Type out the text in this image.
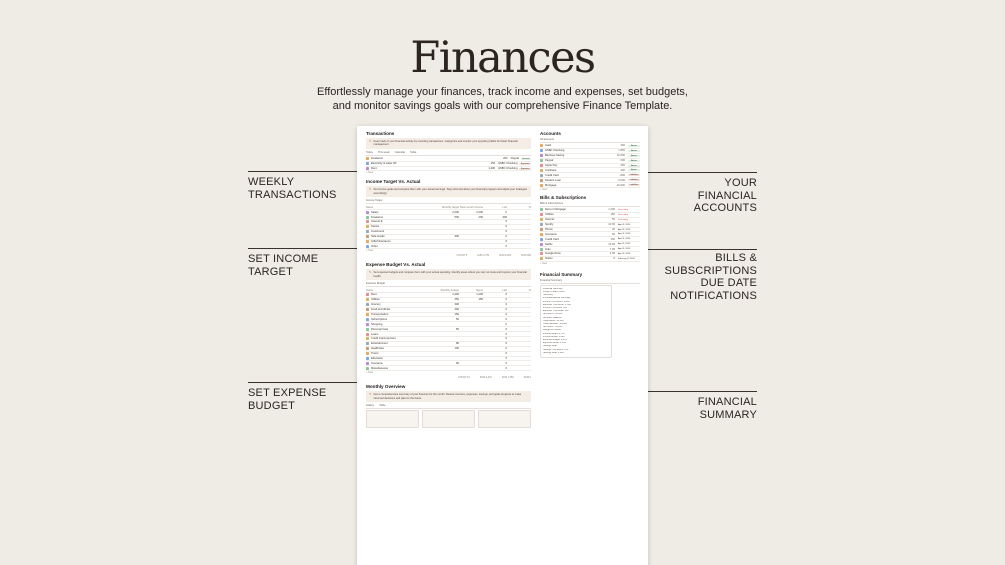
Finances
Effortlessly manage your finances, track income and expenses, set budgets,
and monitor savings goals with our comprehensive Finance Template.
WEEKLY
TRANSACTIONS
SET INCOME
TARGET
SET EXPENSE
BUDGET
YOUR
FINANCIAL
ACCOUNTS
BILLS &
SUBSCRIPTIONS
DUE DATE
NOTIFICATIONS
FINANCIAL
SUMMARY
Transactions
✎ Keep track of your financial activity by recording transactions. Categorize and monitor your spending habits for better financial management.
Today This week Calendar Table
Freelance	200 Paypal	Income
Electricity & water bill	150 HSBC Checking	Expense
Rent	1,200 HSBC Checking	Expense
+ New
Income Target Vs. Actual
✎ Set income goals and compare them with your actual earnings. Stay informed about your financial progress and adjust your strategies accordingly.
Income Target
Name	Monthly target Total month income	Left	%
Salary	2,000	2,000	0
Freelance	500	200	300
Interest $	0
Stocks	0
Investment	0
Side Hustle	300	0
Gifts/Inheritance	0
Other	0
+ New
COUNT 8	SUM 2,750	SUM 2,200	SUM 300
Expense Budget Vs. Actual
✎ Set expense budgets and compare them with your actual spending. Identify areas where you can cut costs and improve your financial health.
Expense Budget
Name	Monthly budget	Spent	Left	%
Rent	1,200	1,200	0
Utilities	250	150	0
Grocery	300	0
Food and drinks	200	0
Transportation	150	0
Subscriptions	50	0
Shopping	0
Personal Care	50	0
Loans	0
Credit Card payment	0
Entertainment	80	0
Healthcare	100	0
Travel	0
Education	0
Insurance	90	0
Miscellaneous	0
+ New
COUNT 16	SUM 2,470	SUM 1,350	SUM 0
Monthly Overview
✎ Get a comprehensive summary of your finances for the month. Review incomes, expenses, savings, and goals progress to make informed decisions and plan for the future.
Gallery Table
Accounts
All accounts
Cash	300	Active
HSBC Checking	1,850	Active
Barclays Saving	10,000	Active
Paypal	600	Active
Apple Pay	350	Active
Coinbase	400	Active
Credit Card	-800	Liabilities
Student Loan	-5,000	Liabilities
Mortgage	-20,000	Liabilities
+ New
Bills & Subscriptions
Bills & subscriptions
Rent or Mortgage	1,200 Due today
Utilities	150 Due today
Internet	50 Due today
Spotify	10.99 April 5, 2024
Phone	40 April 5, 2024
Insurance	90 April 5, 2024
Credit Card	150 April 5, 2024
Netflix	15.99 April 5, 2024
Hulu	7.99 April 5, 2024
Google Drive	2.99 April 5, 2024
Notion	8 February 8, 2024
+ New
Financial Summary
Financial Summary
Financial Summary
Friday, 8 March 2024
Summary
Income/Expense Summary
Income This Month: 2,200
Expense This Month: 1,350
Income This Week: 200
Expense This Week: 150
Net Worth: -12,300
Accounts Balance
Total Assets: 13,500
Total Liabilities: -25,800
Net Worth: -12,300
Budget vs. Actual
Income Target: 2,750
Income Actual: 2,200
Expense Budget: 2,470
Expense Actual: 1,350
Savings Goal
Savings This Month: 850
Savings Goal: 1,000
